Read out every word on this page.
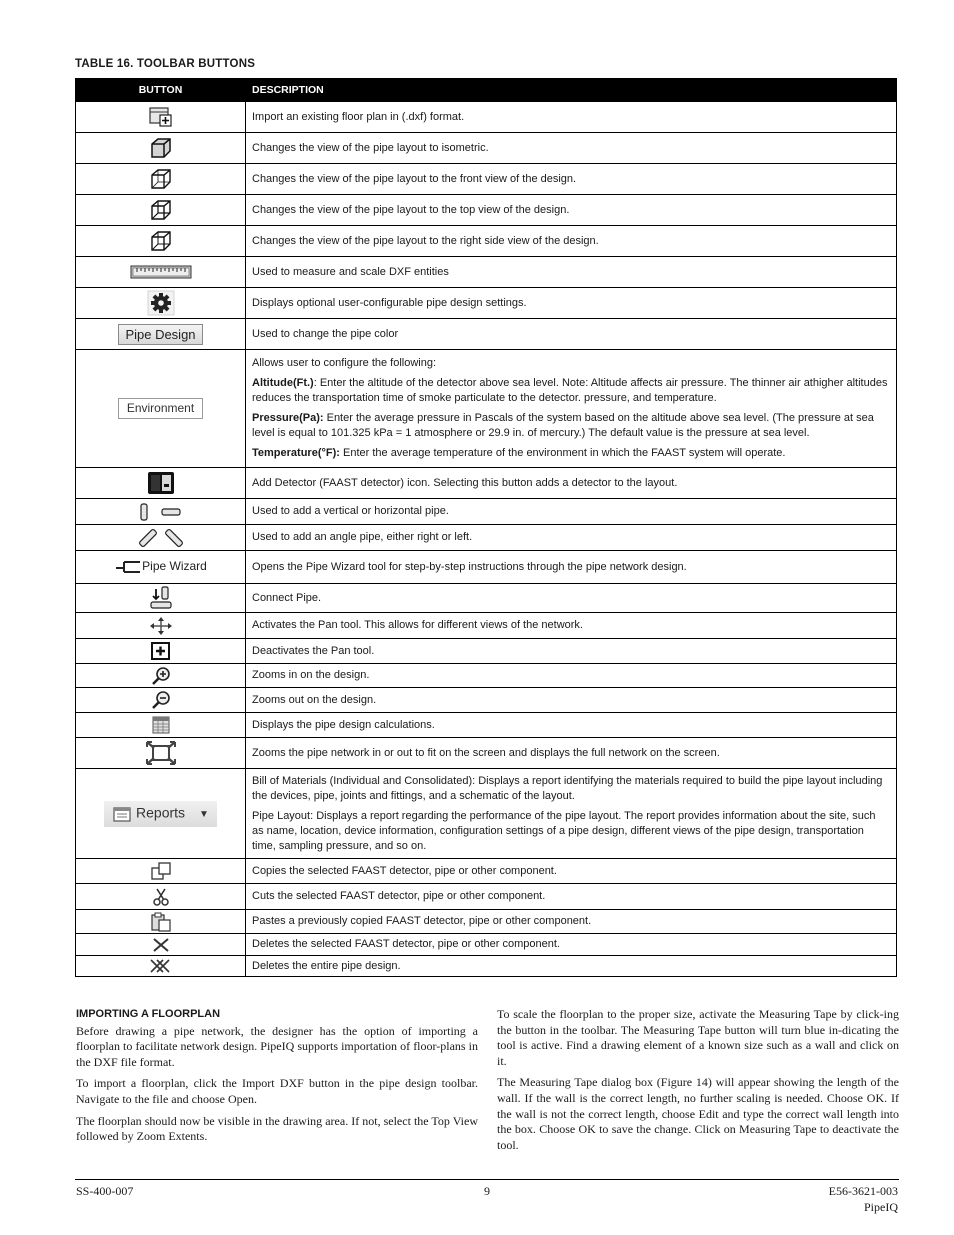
TABLE 16. TOOLBAR BUTTONS
BUTTON	DESCRIPTION
	Import an existing floor plan in (.dxf) format.
	Changes the view of the pipe layout to isometric.
	Changes the view of the pipe layout to the front view of the design.
	Changes the view of the pipe layout to the top view of the design.
	Changes the view of the pipe layout to the right side view of the design.
	Used to measure and scale DXF entities
	Displays optional user-configurable pipe design settings.
Pipe Design	Used to change the pipe color
Environment	Allows user to configure the following:

Altitude(Ft.): Enter the altitude of the detector above sea level. Note: Altitude affects air pressure. The thinner air athigher altitudes reduces the transportation time of smoke particulate to the detector. pressure, and temperature.

Pressure(Pa): Enter the average pressure in Pascals of the system based on the altitude above sea level. (The pressure at sea level is equal to 101.325 kPa = 1 atmosphere or 29.9 in. of mercury.) The default value is the pressure at sea level.

Temperature(°F): Enter the average temperature of the environment in which the FAAST system will operate.

	Add Detector (FAAST detector) icon. Selecting this button adds a detector to the layout.
	Used to add a vertical or horizontal pipe.
	Used to add an angle pipe, either right or left.
Pipe Wizard	Opens the Pipe Wizard tool for step-by-step instructions through the pipe network design.
	Connect Pipe.
	Activates the Pan tool. This allows for different views of the network.
	Deactivates the Pan tool.
	Zooms in on the design.
	Zooms out on the design.
	Displays the pipe design calculations.
	Zooms the pipe network in or out to fit on the screen and displays the full network on the screen.
Reports ▼	Bill of Materials (Individual and Consolidated): Displays a report identifying the materials required to build the pipe layout including the devices, pipe, joints and fittings, and a schematic of the layout.

Pipe Layout: Displays a report regarding the performance of the pipe layout. The report provides information about the site, such as name, location, device information, configuration settings of a pipe design, different views of the pipe design, transportation time, sampling pressure, and so on.

	Copies the selected FAAST detector, pipe or other component.
	Cuts the selected FAAST detector, pipe or other component.
	Pastes a previously copied FAAST detector, pipe or other component.
	Deletes the selected FAAST detector, pipe or other component.
	Deletes the entire pipe design.
IMPORTING A FLOORPLAN

Before drawing a pipe network, the designer has the option of importing a floorplan to facilitate network design. PipeIQ supports importation of floor-plans in the DXF file format.

To import a floorplan, click the Import DXF button in the pipe design toolbar. Navigate to the file and choose Open.

The floorplan should now be visible in the drawing area. If not, select the Top View followed by Zoom Extents.

To scale the floorplan to the proper size, activate the Measuring Tape by click-ing the button in the toolbar. The Measuring Tape button will turn blue in-dicating the tool is active. Find a drawing element of a known size such as a wall and click on it.

The Measuring Tape dialog box (Figure 14) will appear showing the length of the wall. If the wall is the correct length, no further scaling is needed. Choose OK. If the wall is not the correct length, choose Edit and type the correct wall length into the box. Choose OK to save the change. Click on Measuring Tape to deactivate the tool.

SS-400-007	9	E56-3621-003
PipeIQ
